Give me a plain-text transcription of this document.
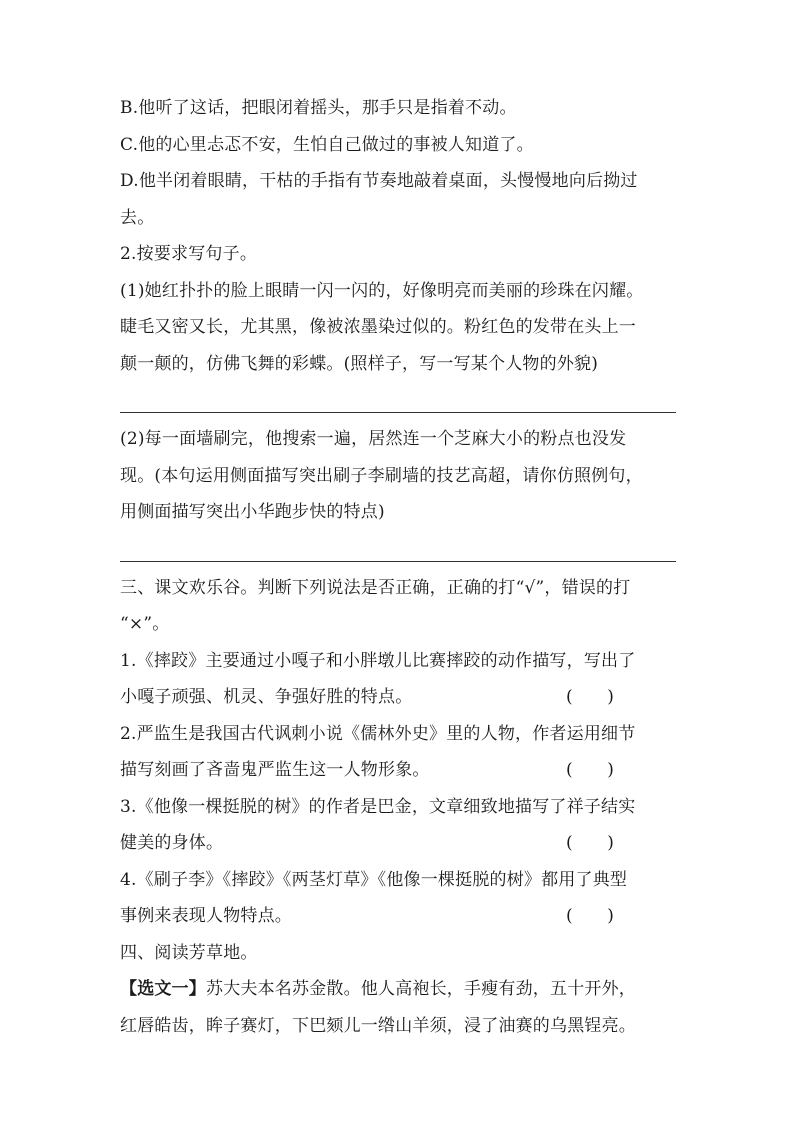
B.他听了这话，把眼闭着摇头，那手只是指着不动。

C.他的心里忐忑不安，生怕自己做过的事被人知道了。

D.他半闭着眼睛，干枯的手指有节奏地敲着桌面，头慢慢地向后拗过

去。

2.按要求写句子。

(1)她红扑扑的脸上眼睛一闪一闪的，好像明亮而美丽的珍珠在闪耀。

睫毛又密又长，尤其黑，像被浓墨染过似的。粉红色的发带在头上一

颠一颠的，仿佛飞舞的彩蝶。(照样子，写一写某个人物的外貌)

(2)每一面墙刷完，他搜索一遍，居然连一个芝麻大小的粉点也没发

现。(本句运用侧面描写突出刷子李刷墙的技艺高超，请你仿照例句，

用侧面描写突出小华跑步快的特点)

三、课文欢乐谷。判断下列说法是否正确，正确的打“√”，错误的打

“×”。

1.《摔跤》主要通过小嘎子和小胖墩儿比赛摔跤的动作描写，写出了

小嘎子顽强、机灵、争强好胜的特点。	(　　)

2.严监生是我国古代讽刺小说《儒林外史》里的人物，作者运用细节

描写刻画了吝啬鬼严监生这一人物形象。	(　　)

3.《他像一棵挺脱的树》的作者是巴金，文章细致地描写了祥子结实

健美的身体。	(　　)

4.《刷子李》《摔跤》《两茎灯草》《他像一棵挺脱的树》都用了典型

事例来表现人物特点。	(　　)

四、阅读芳草地。

【选文一】苏大夫本名苏金散。他人高袍长，手瘦有劲，五十开外，

红唇皓齿，眸子赛灯，下巴颏儿一绺山羊须，浸了油赛的乌黑锃亮。
